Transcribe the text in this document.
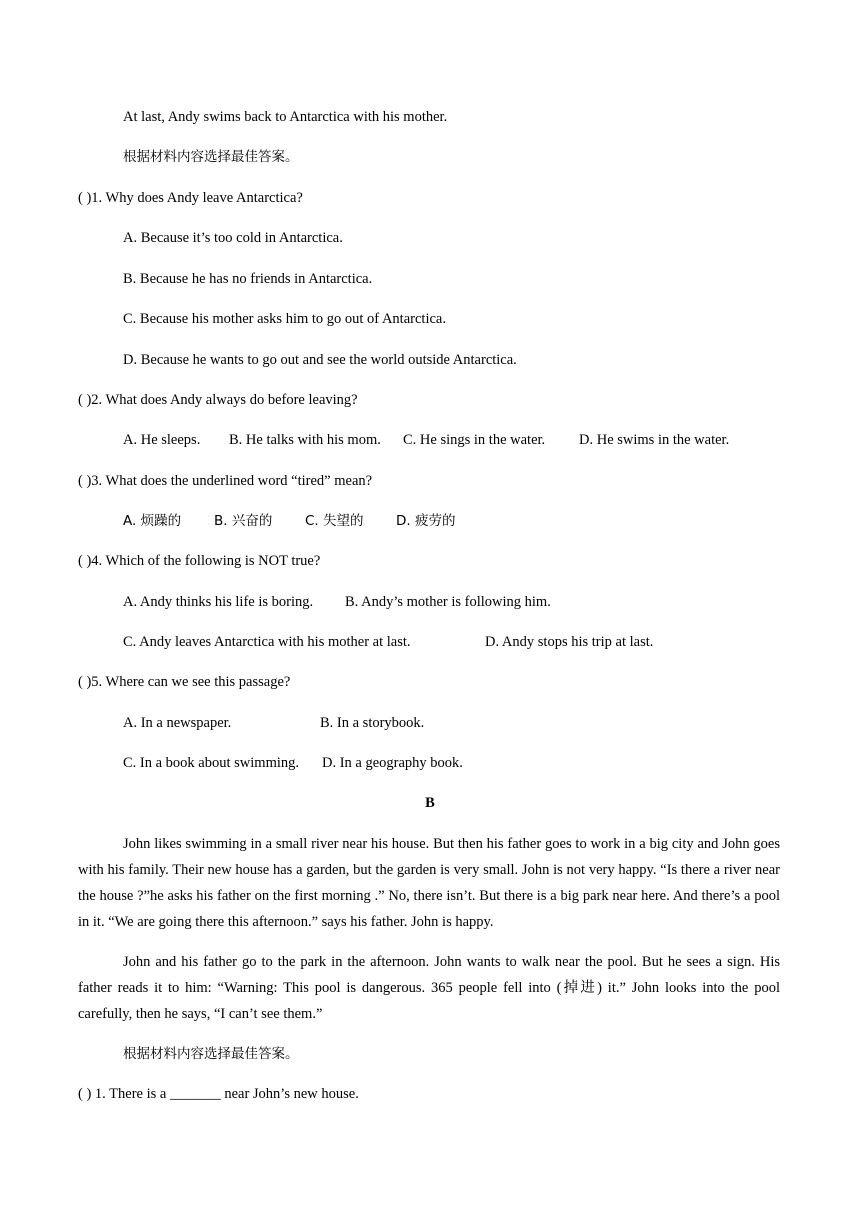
At last, Andy swims back to Antarctica with his mother.
根据材料内容选择最佳答案。
( )1. Why does Andy leave Antarctica?
A. Because it’s too cold in Antarctica.
B. Because he has no friends in Antarctica.
C. Because his mother asks him to go out of Antarctica.
D. Because he wants to go out and see the world outside Antarctica.
( )2. What does Andy always do before leaving?
A. He sleeps. B. He talks with his mom. C. He sings in the water. D. He swims in the water.
( )3. What does the underlined word “tired” mean?
A. 烦躁的 B. 兴奋的 C. 失望的 D. 疲劳的
( )4. Which of the following is NOT true?
A. Andy thinks his life is boring. B. Andy’s mother is following him.
C. Andy leaves Antarctica with his mother at last.	D. Andy stops his trip at last.
( )5. Where can we see this passage?
A. In a newspaper.	B. In a storybook.
C. In a book about swimming. D. In a geography book.
B
John likes swimming in a small river near his house. But then his father goes to work in a big city and John goes with his family. Their new house has a garden, but the garden is very small. John is not very happy. “Is there a river near the house ?”he asks his father on the first morning .” No, there isn’t. But there is a big park near here. And there’s a pool in it. “We are going there this afternoon.” says his father. John is happy.
John and his father go to the park in the afternoon. John wants to walk near the pool. But he sees a sign. His father reads it to him: “Warning: This pool is dangerous. 365 people fell into (掉进) it.” John looks into the pool carefully, then he says, “I can’t see them.”
根据材料内容选择最佳答案。
( ) 1. There is a _______ near John’s new house.
